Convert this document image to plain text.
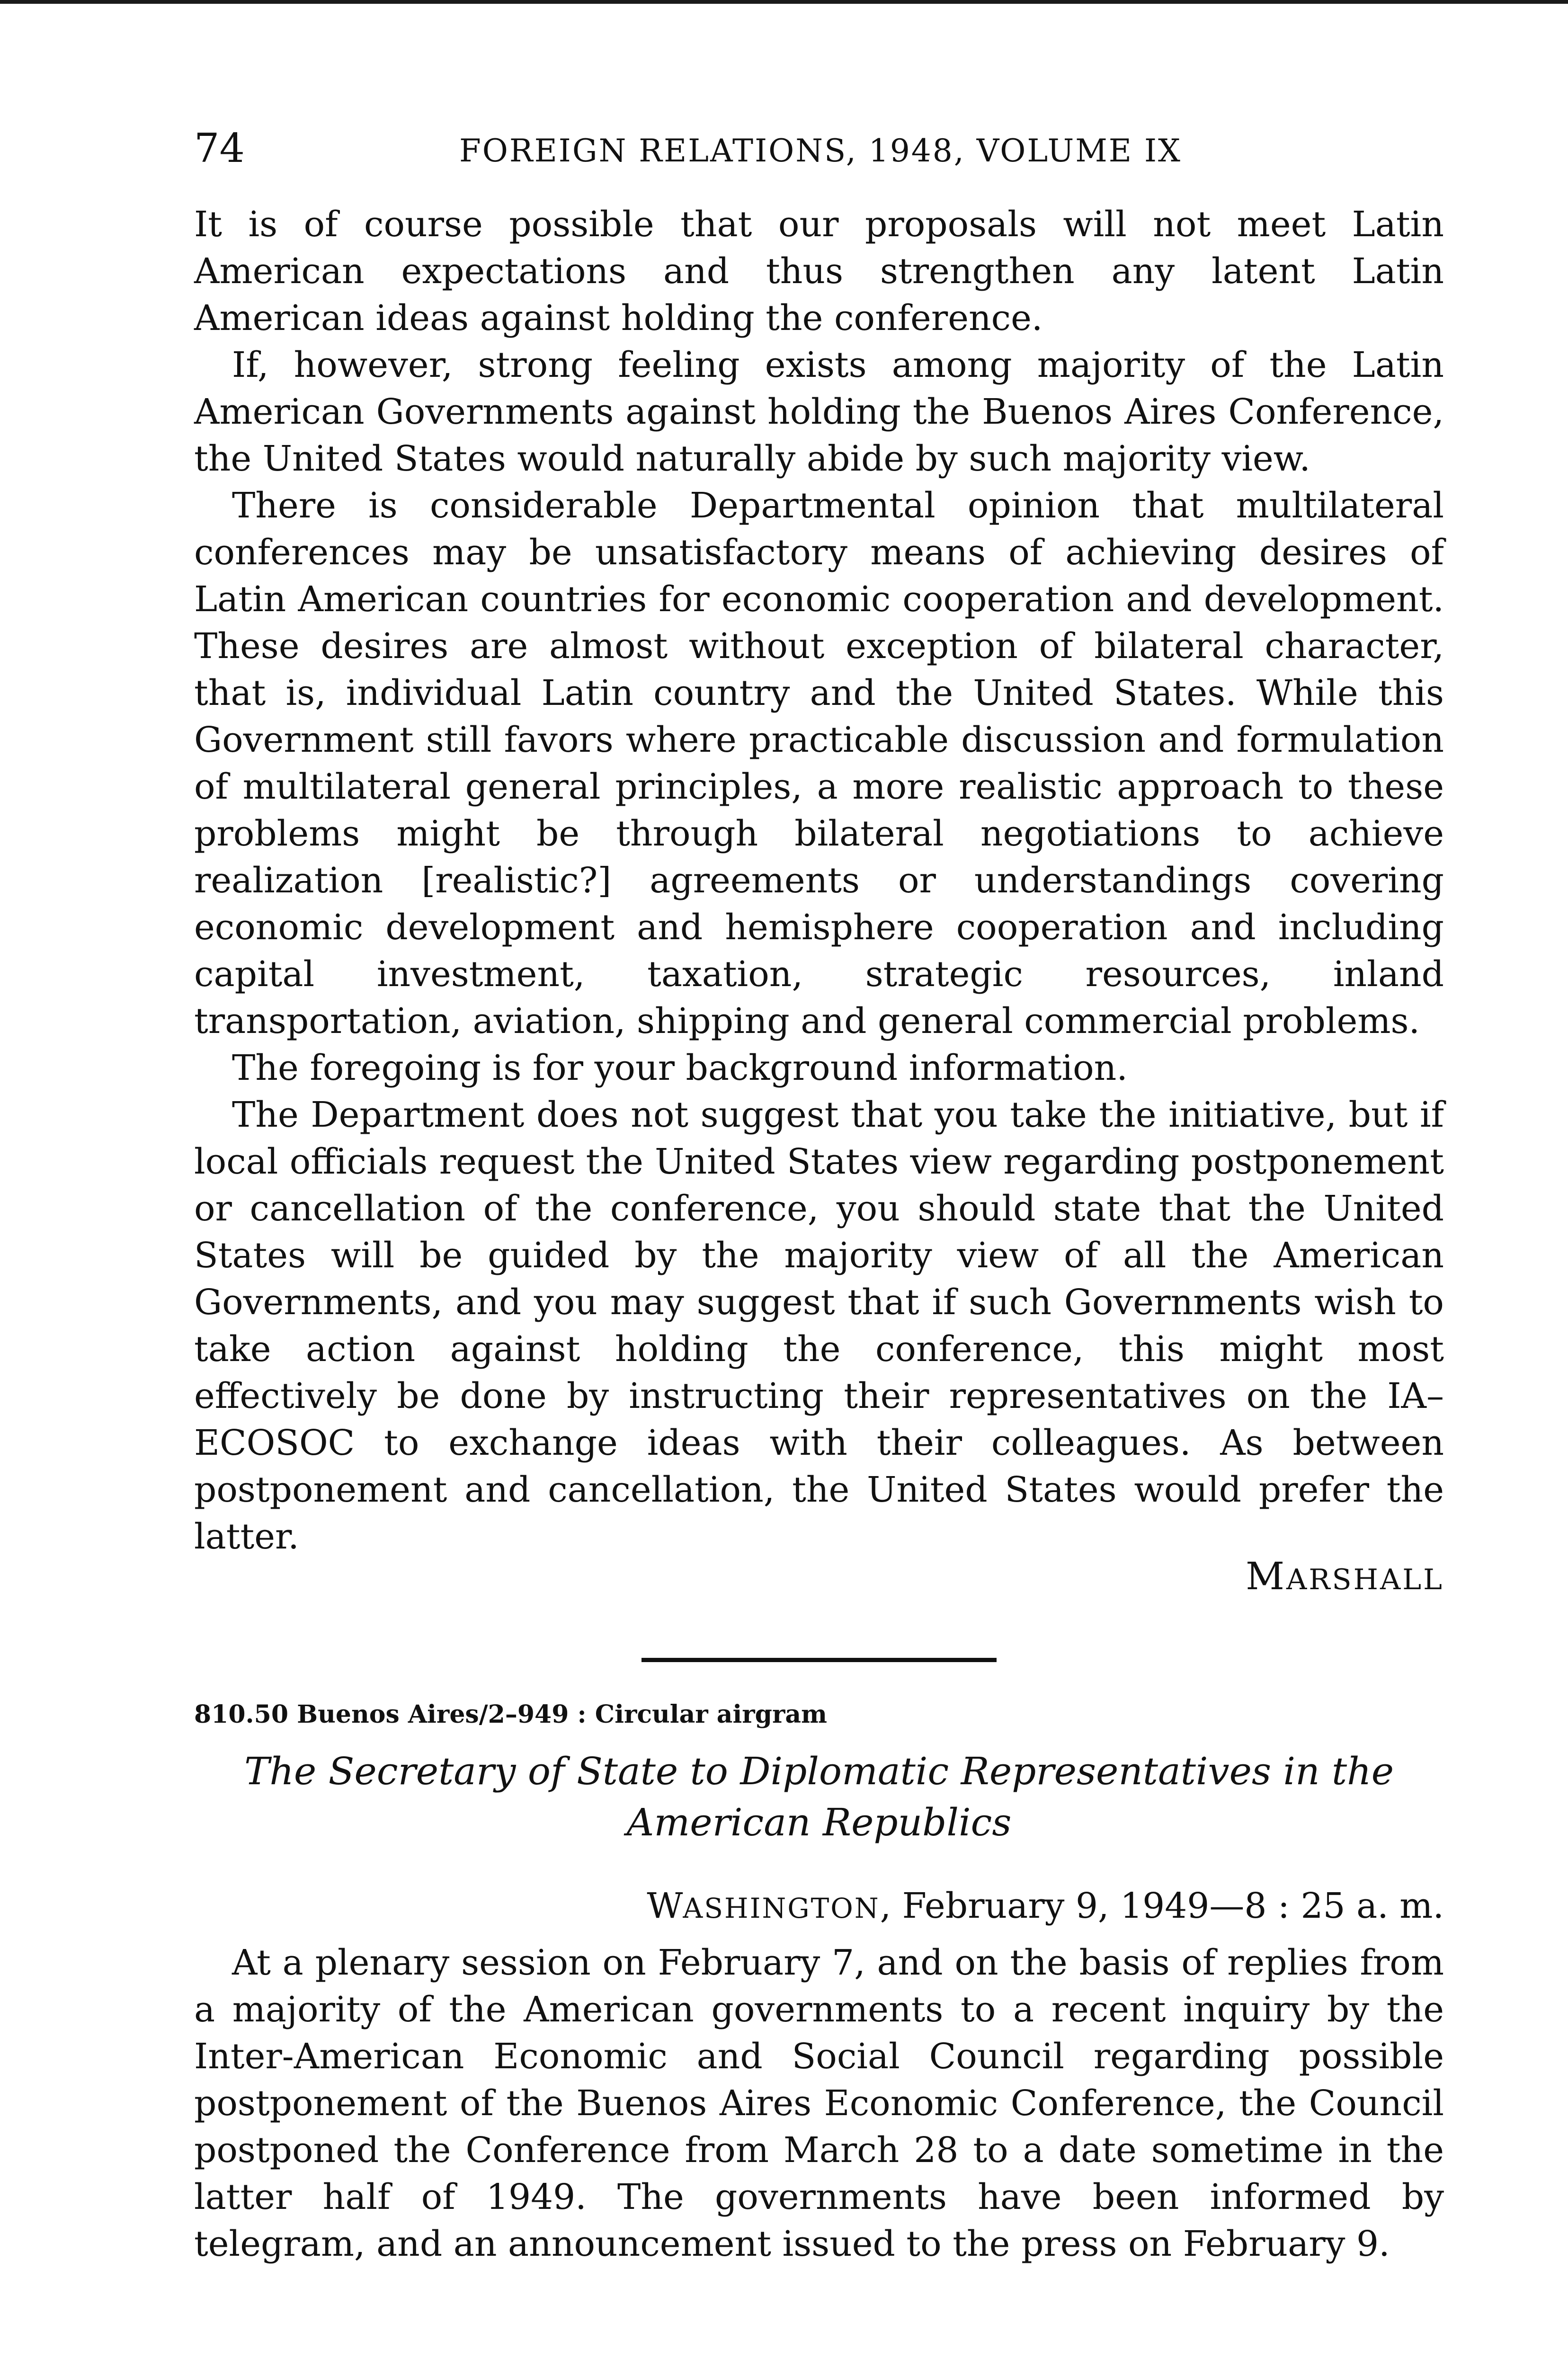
74	FOREIGN RELATIONS, 1948, VOLUME IX

It is of course possible that our proposals will not meet Latin American expectations and thus strengthen any latent Latin American ideas against holding the conference.

If, however, strong feeling exists among majority of the Latin American Governments against holding the Buenos Aires Conference, the United States would naturally abide by such majority view.

There is considerable Departmental opinion that multilateral conferences may be unsatisfactory means of achieving desires of Latin American countries for economic cooperation and development. These desires are almost without exception of bilateral character, that is, individual Latin country and the United States. While this Government still favors where practicable discussion and formulation of multilateral general principles, a more realistic approach to these problems might be through bilateral negotiations to achieve realization [realistic?] agreements or understandings covering economic development and hemisphere cooperation and including capital investment, taxation, strategic resources, inland transportation, aviation, shipping and general commercial problems.

The foregoing is for your background information.

The Department does not suggest that you take the initiative, but if local officials request the United States view regarding postponement or cancellation of the conference, you should state that the United States will be guided by the majority view of all the American Governments, and you may suggest that if such Governments wish to take action against holding the conference, this might most effectively be done by instructing their representatives on the IA–ECOSOC to exchange ideas with their colleagues. As between postponement and cancellation, the United States would prefer the latter.

MARSHALL
810.50 Buenos Aires/2–949 : Circular airgram
The Secretary of State to Diplomatic Representatives in the American Republics
WASHINGTON, February 9, 1949—8 : 25 a. m.

At a plenary session on February 7, and on the basis of replies from a majority of the American governments to a recent inquiry by the Inter-American Economic and Social Council regarding possible postponement of the Buenos Aires Economic Conference, the Council postponed the Conference from March 28 to a date sometime in the latter half of 1949. The governments have been informed by telegram, and an announcement issued to the press on February 9.
